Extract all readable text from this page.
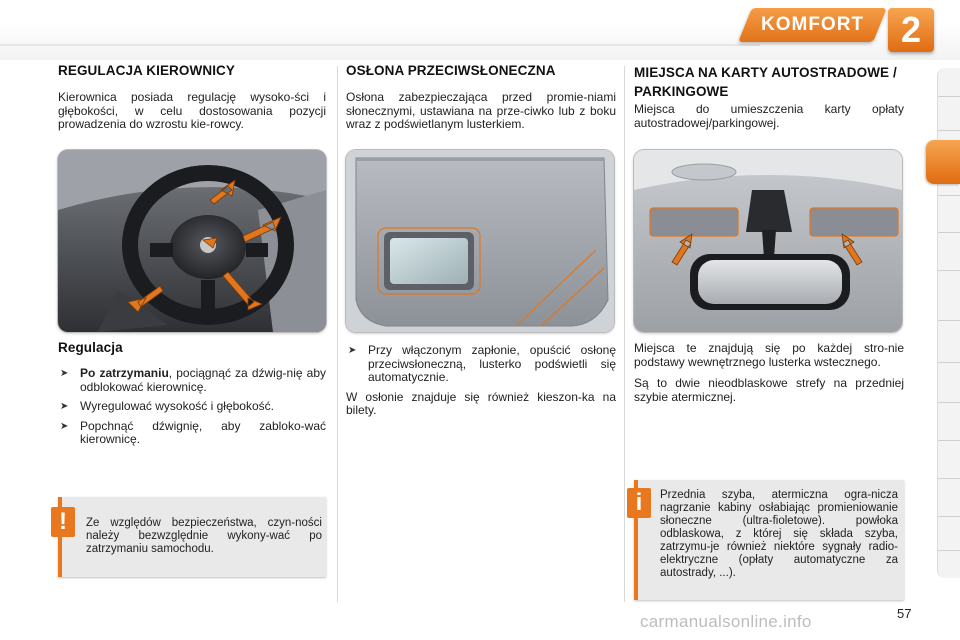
KOMFORT	2
REGULACJA KIEROWNICY

Kierownica posiada regulację wysoko-ści i głębokości, w celu dostosowania pozycji prowadzenia do wzrostu kie-rowcy.

Regulacja
➤ Po zatrzymaniu, pociągnąć za dźwig-nię aby odblokować kierownicę.
➤ Wyregulować wysokość i głębokość.
➤ Popchnąć dźwignię, aby zabloko-wać kierownicę.

Ze względów bezpieczeństwa, czyn-ności należy bezwzględnie wykony-wać po zatrzymaniu samochodu.

!
OSŁONA PRZECIWSŁONECZNA

Osłona zabezpieczająca przed promie-niami słonecznymi, ustawiana na prze-ciwko lub z boku wraz z podświetlanym lusterkiem.

➤ Przy włączonym zapłonie, opuścić osłonę przeciwsłoneczną, lusterko podświetli się automatycznie.

W osłonie znajduje się również kieszon-ka na bilety.

MIEJSCA NA KARTY AUTOSTRADOWE / PARKINGOWE

Miejsca do umieszczenia karty opłaty autostradowej/parkingowej.

Miejsca te znajdują się po każdej stro-nie podstawy wewnętrznego lusterka wstecznego.

Są to dwie nieodblaskowe strefy na przedniej szybie atermicznej.

Przednia szyba, atermiczna ogra-nicza nagrzanie kabiny osłabiając promieniowanie słoneczne (ultra-fioletowe). powłoka odblaskowa, z której się składa szyba, zatrzymu-je również niektóre sygnały radio-elektryczne (opłaty automatyczne za autostrady, ...).

i
carmanualsonline.info	57
